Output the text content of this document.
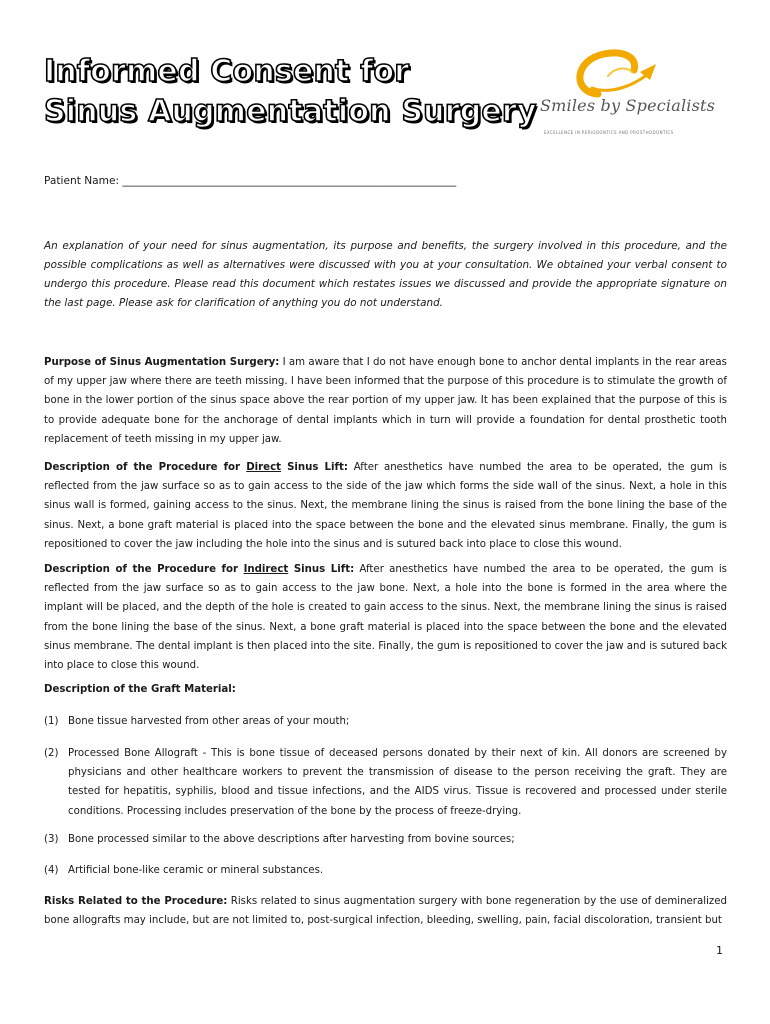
Informed Consent for
Sinus Augmentation Surgery Smiles by Specialists
EXCELLENCE IN PERIODONTICS AND PROSTHODONTICS
Patient Name: _______________________________________________________________

An explanation of your need for sinus augmentation, its purpose and benefits, the surgery involved in this procedure, and the possible complications as well as alternatives were discussed with you at your consultation. We obtained your verbal consent to undergo this procedure. Please read this document which restates issues we discussed and provide the appropriate signature on the last page. Please ask for clarification of anything you do not understand.

Purpose of Sinus Augmentation Surgery: I am aware that I do not have enough bone to anchor dental implants in the rear areas of my upper jaw where there are teeth missing. I have been informed that the purpose of this procedure is to stimulate the growth of bone in the lower portion of the sinus space above the rear portion of my upper jaw. It has been explained that the purpose of this is to provide adequate bone for the anchorage of dental implants which in turn will provide a foundation for dental prosthetic tooth replacement of teeth missing in my upper jaw.

Description of the Procedure for Direct Sinus Lift: After anesthetics have numbed the area to be operated, the gum is reflected from the jaw surface so as to gain access to the side of the jaw which forms the side wall of the sinus. Next, a hole in this sinus wall is formed, gaining access to the sinus. Next, the membrane lining the sinus is raised from the bone lining the base of the sinus. Next, a bone graft material is placed into the space between the bone and the elevated sinus membrane. Finally, the gum is repositioned to cover the jaw including the hole into the sinus and is sutured back into place to close this wound.

Description of the Procedure for Indirect Sinus Lift: After anesthetics have numbed the area to be operated, the gum is reflected from the jaw surface so as to gain access to the jaw bone. Next, a hole into the bone is formed in the area where the implant will be placed, and the depth of the hole is created to gain access to the sinus. Next, the membrane lining the sinus is raised from the bone lining the base of the sinus. Next, a bone graft material is placed into the space between the bone and the elevated sinus membrane. The dental implant is then placed into the site. Finally, the gum is repositioned to cover the jaw and is sutured back into place to close this wound.

Description of the Graft Material:
(1) Bone tissue harvested from other areas of your mouth;
(2) Processed Bone Allograft - This is bone tissue of deceased persons donated by their next of kin. All donors are screened by physicians and other healthcare workers to prevent the transmission of disease to the person receiving the graft. They are tested for hepatitis, syphilis, blood and tissue infections, and the AIDS virus. Tissue is recovered and processed under sterile conditions. Processing includes preservation of the bone by the process of freeze-drying.
(3) Bone processed similar to the above descriptions after harvesting from bovine sources;
(4) Artificial bone-like ceramic or mineral substances.

Risks Related to the Procedure: Risks related to sinus augmentation surgery with bone regeneration by the use of demineralized bone allografts may include, but are not limited to, post-surgical infection, bleeding, swelling, pain, facial discoloration, transient but

1
